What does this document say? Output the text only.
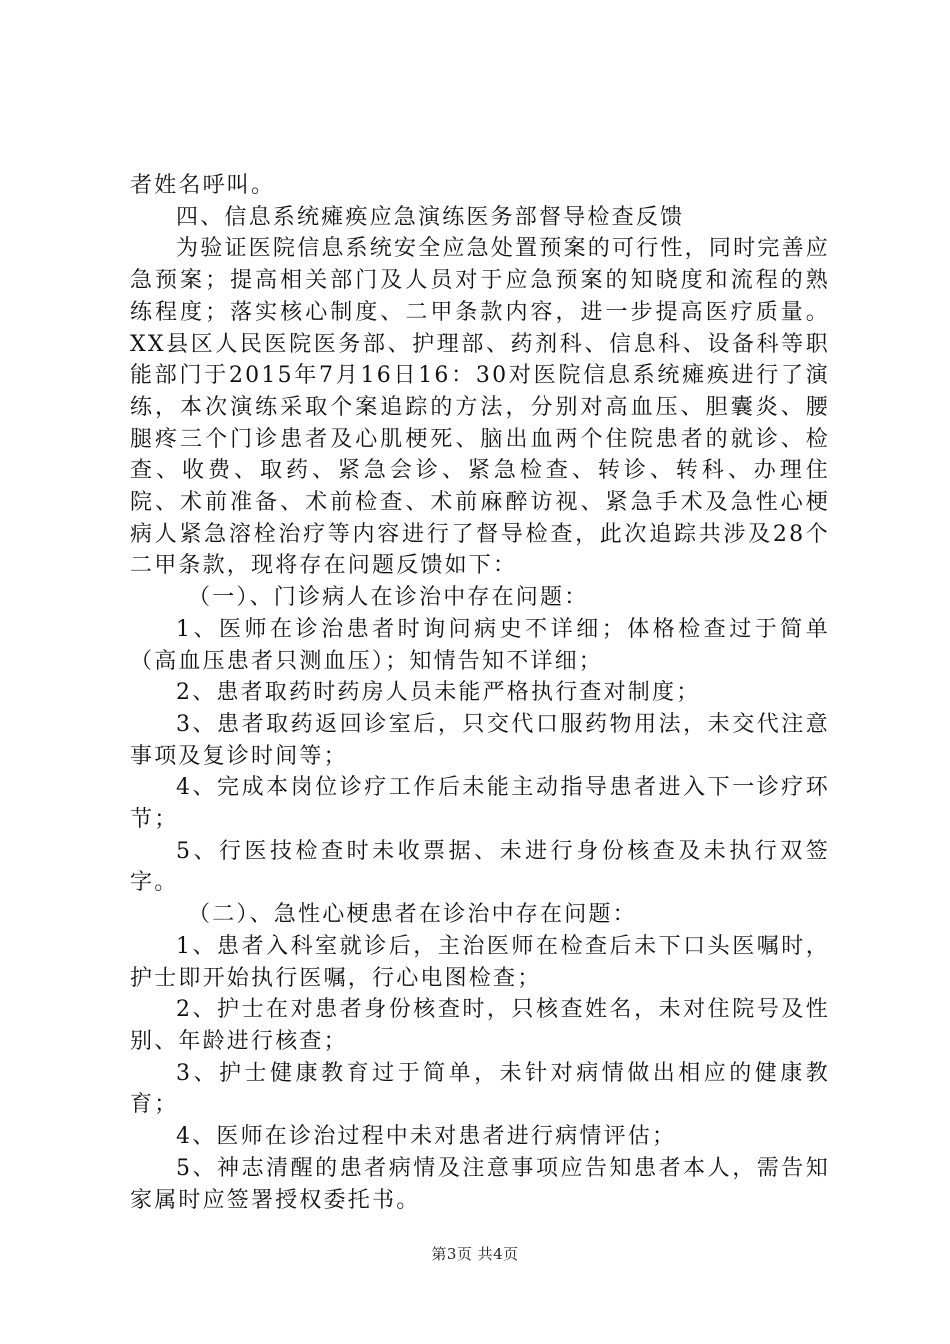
者姓名呼叫。

四、信息系统瘫痪应急演练医务部督导检查反馈

为验证医院信息系统安全应急处置预案的可行性，同时完善应急预案；提高相关部门及人员对于应急预案的知晓度和流程的熟练程度；落实核心制度、二甲条款内容，进一步提高医疗质量。XX县区人民医院医务部、护理部、药剂科、信息科、设备科等职能部门于2015年7月16日16：30对医院信息系统瘫痪进行了演练，本次演练采取个案追踪的方法，分别对高血压、胆囊炎、腰腿疼三个门诊患者及心肌梗死、脑出血两个住院患者的就诊、检查、收费、取药、紧急会诊、紧急检查、转诊、转科、办理住院、术前准备、术前检查、术前麻醉访视、紧急手术及急性心梗病人紧急溶栓治疗等内容进行了督导检查，此次追踪共涉及28个二甲条款，现将存在问题反馈如下：

（一）、门诊病人在诊治中存在问题：

1、医师在诊治患者时询问病史不详细；体格检查过于简单（高血压患者只测血压）；知情告知不详细；

2、患者取药时药房人员未能严格执行查对制度；

3、患者取药返回诊室后，只交代口服药物用法，未交代注意事项及复诊时间等；

4、完成本岗位诊疗工作后未能主动指导患者进入下一诊疗环节；

5、行医技检查时未收票据、未进行身份核查及未执行双签字。

（二）、急性心梗患者在诊治中存在问题：

1、患者入科室就诊后，主治医师在检查后未下口头医嘱时，护士即开始执行医嘱，行心电图检查；

2、护士在对患者身份核查时，只核查姓名，未对住院号及性别、年龄进行核查；

3、护士健康教育过于简单，未针对病情做出相应的健康教育；

4、医师在诊治过程中未对患者进行病情评估；

5、神志清醒的患者病情及注意事项应告知患者本人，需告知家属时应签署授权委托书。

第3页 共4页
